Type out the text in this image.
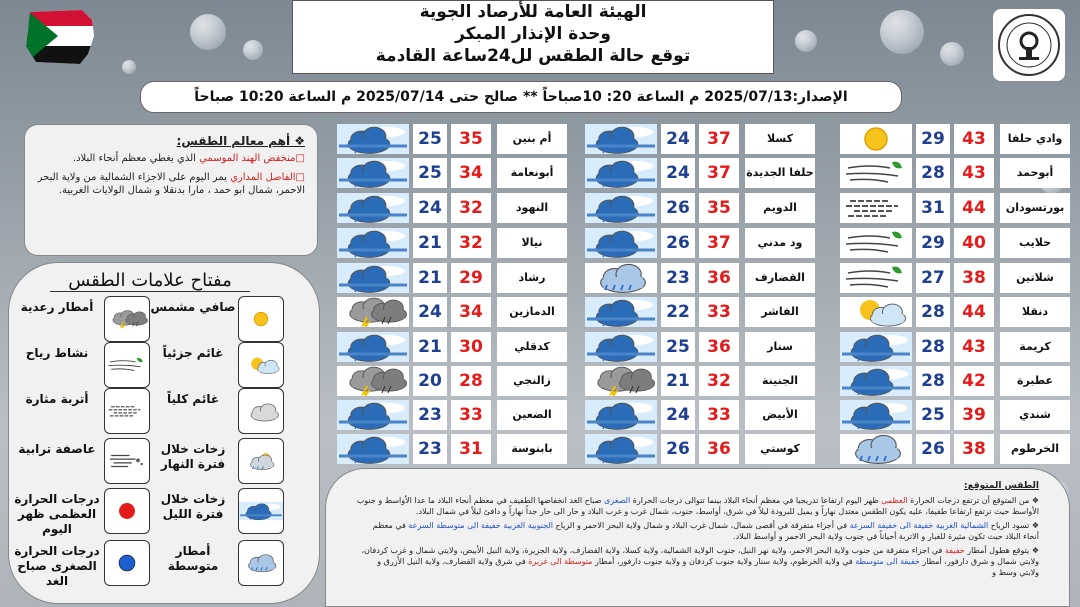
الهيئة العامة للأرصاد الجوية
وحدة الإنذار المبكر
توقع حالة الطقس لل24ساعة القادمة
الإصدار:2025/07/13 م الساعة 20: 10صباحاً ** صالح حتى 2025/07/14 م الساعة 10:20 صباحاً
وادي حلفا
43
29
أبوحمد
43
28
بورتسودان
44
31
حلايب
40
29
شلاتين
38
27
دنقلا
44
28
كريمة
43
28
عطبرة
42
28
شندي
39
25
الخرطوم
38
26
كسلا
37
24
حلفا الجديدة
37
24
الدويم
35
26
ود مدني
37
26
القضارف
36
23
الفاشر
33
22
سنار
36
25
الجنينة
32
21
الأبيض
33
24
كوستي
36
26
أم بنين
35
25
أبونعامة
34
25
النهود
32
24
نيالا
32
21
رشاد
29
21
الدمازين
34
24
كدقلي
30
21
زالنجي
28
20
الضعين
33
23
بابنوسة
31
23
❖ أهم معالم الطقس:

□منخفض الهند الموسمي الذي يغطي معظم أنحاء البلاد.

□الفاصل المداري يمر اليوم على الاجزاء الشمالية من ولاية البحر الاحمر، شمال ابو حمد ، مارا بدنقلا و شمال الولايات الغربية.

مفتاح علامات الطقس
صافي مشمس
أمطار رعدية
غائم جزئياً
نشاط رياح
غائم كلياً
أتربة مثارة
زخات خلال فترة النهار
عاصفة ترابية
زخات خلال فترة الليل
درجات الحرارة العظمى ظهر اليوم
أمطار متوسطة
درجات الحرارة الصغرى صباح الغد
الطقس المتوقع:

❖ من المتوقع أن ترتفع درجات الحرارة العظمى ظهر اليوم ارتفاعا تدريجيا في معظم أنحاء البلاد بينما تتوالى درجات الحرارة الصغرى صباح الغد انخفاضها الطفيف في معظم أنحاء البلاد ما عدا الأواسط و جنوب الأواسط حيث ترتفع ارتفاعا طفيفا، عليه يكون الطقس معتدل نهاراً و يميل للبرودة ليلاً في شرق، أواسط، جنوب، شمال غرب و غرب البلاد و حار الى حار جداً نهاراً و دافئ ليلاً في شمال البلاد.

❖ تسود الرياح الشمالية الغربية خفيفة الى خفيفة السرعة في أجزاء متفرقة في أقصى شمال، شمال غرب البلاد و شمال ولاية البحر الاحمر و الرياح الجنوبية الغربية خفيفة الى متوسطة السرعة في معظم أنحاء البلاد حيث تكون مثيرة للغبار و الاتربة أحياناً في جنوب ولاية البحر الاحمر و أواسط البلاد.

❖ يتوقع هطول أمطار خفيفة في اجزاء متفرقة من جنوب ولاية البحر الاحمر، ولاية نهر النيل، جنوب الولاية الشمالية، ولاية كسلا، ولاية القضارف، ولاية الجزيرة، ولاية النيل الأبيض، ولايتي شمال و غرب كردفان، ولايتي شمال و شرق دارفور، أمطار خفيفة الى متوسطة في ولاية الخرطوم، ولاية سنار ولاية جنوب كردفان و ولاية جنوب دارفور، أمطار متوسطة الى غزيرة في شرق ولاية القضارف، ولاية النيل الأزرق و ولايتي وسط و
